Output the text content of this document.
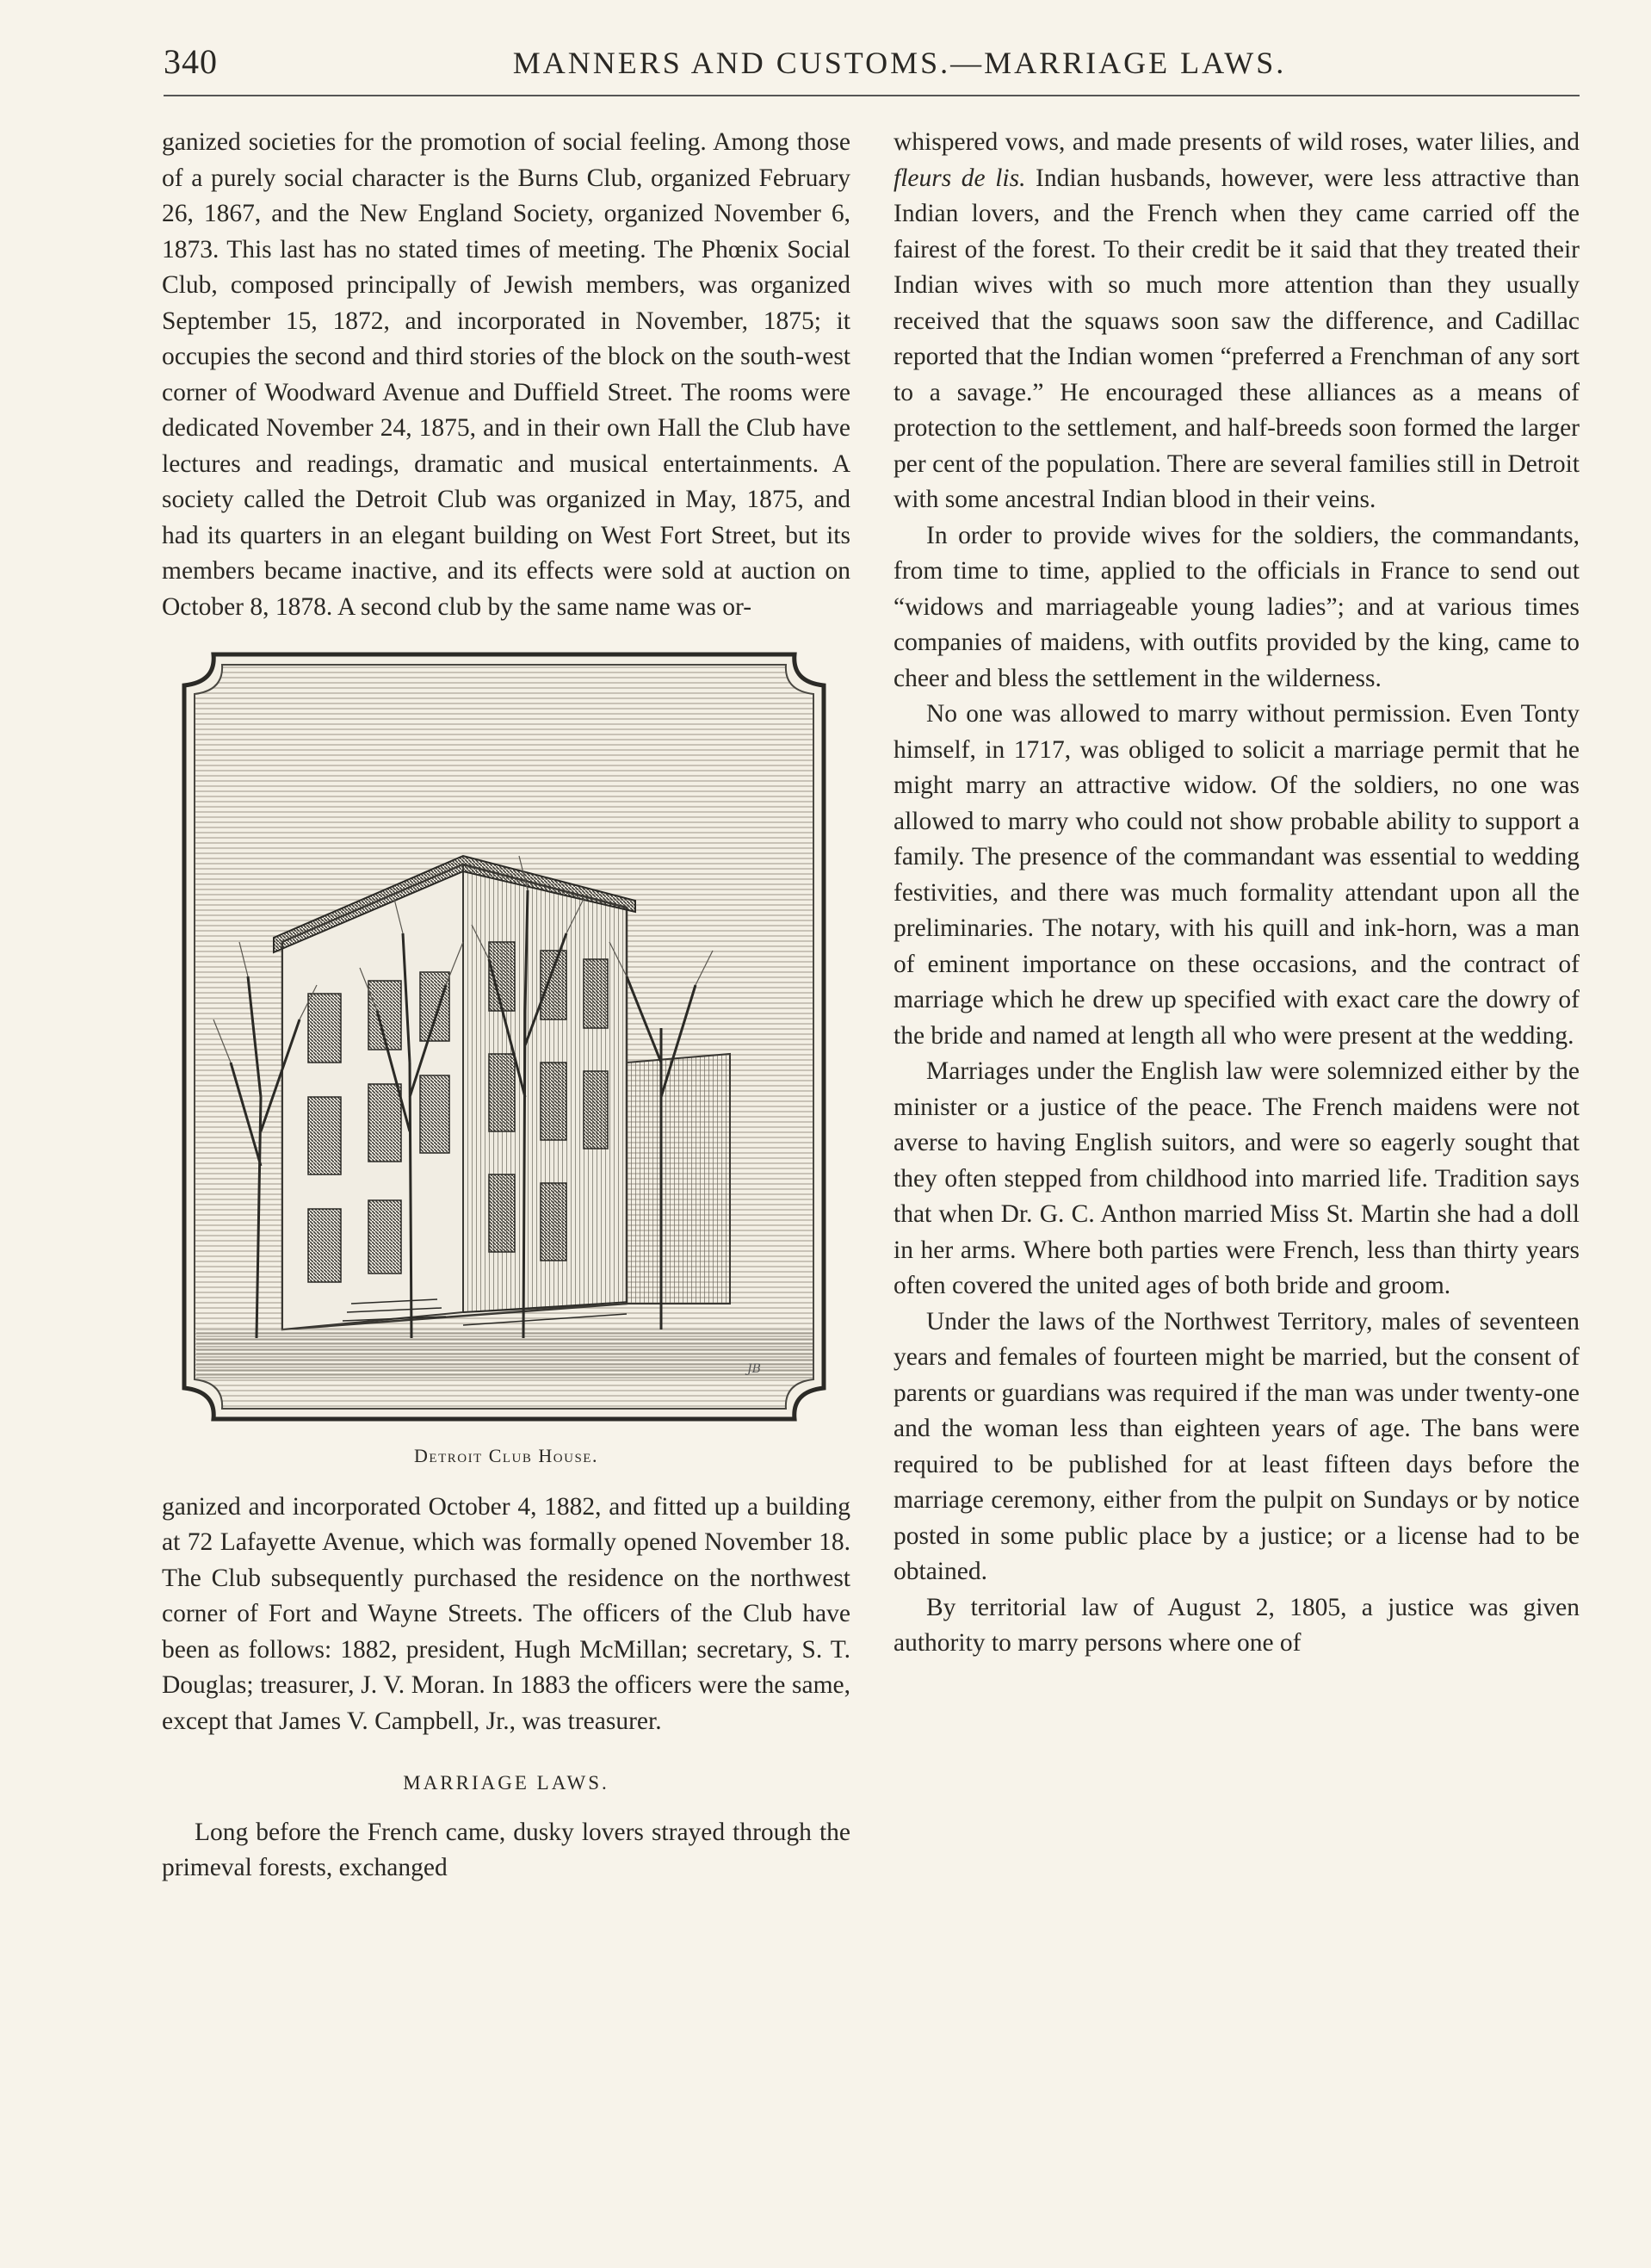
340	MANNERS AND CUSTOMS.—MARRIAGE LAWS.

ganized societies for the promotion of social feeling. Among those of a purely social character is the Burns Club, organized February 26, 1867, and the New England Society, organized November 6, 1873. This last has no stated times of meeting. The Phœnix Social Club, composed principally of Jewish members, was organized September 15, 1872, and incorporated in November, 1875; it occupies the second and third stories of the block on the south-west corner of Woodward Avenue and Duffield Street. The rooms were dedicated November 24, 1875, and in their own Hall the Club have lectures and readings, dramatic and musical entertainments. A society called the Detroit Club was organized in May, 1875, and had its quarters in an elegant building on West Fort Street, but its members became inactive, and its effects were sold at auction on October 8, 1878. A second club by the same name was or-

JB
Detroit Club House.

ganized and incorporated October 4, 1882, and fitted up a building at 72 Lafayette Avenue, which was formally opened November 18. The Club subsequently purchased the residence on the northwest corner of Fort and Wayne Streets. The officers of the Club have been as follows: 1882, president, Hugh McMillan; secretary, S. T. Douglas; treasurer, J. V. Moran. In 1883 the officers were the same, except that James V. Campbell, Jr., was treasurer.

MARRIAGE LAWS.

Long before the French came, dusky lovers strayed through the primeval forests, exchanged

whispered vows, and made presents of wild roses, water lilies, and fleurs de lis. Indian husbands, however, were less attractive than Indian lovers, and the French when they came carried off the fairest of the forest. To their credit be it said that they treated their Indian wives with so much more attention than they usually received that the squaws soon saw the difference, and Cadillac reported that the Indian women “preferred a Frenchman of any sort to a savage.” He encouraged these alliances as a means of protection to the settlement, and half-breeds soon formed the larger per cent of the population. There are several families still in Detroit with some ancestral Indian blood in their veins.

In order to provide wives for the soldiers, the commandants, from time to time, applied to the officials in France to send out “widows and marriageable young ladies”; and at various times companies of maidens, with outfits provided by the king, came to cheer and bless the settlement in the wilderness.

No one was allowed to marry without permission. Even Tonty himself, in 1717, was obliged to solicit a marriage permit that he might marry an attractive widow. Of the soldiers, no one was allowed to marry who could not show probable ability to support a family. The presence of the commandant was essential to wedding festivities, and there was much formality attendant upon all the preliminaries. The notary, with his quill and ink-horn, was a man of eminent importance on these occasions, and the contract of marriage which he drew up specified with exact care the dowry of the bride and named at length all who were present at the wedding.

Marriages under the English law were solemnized either by the minister or a justice of the peace. The French maidens were not averse to having English suitors, and were so eagerly sought that they often stepped from childhood into married life. Tradition says that when Dr. G. C. Anthon married Miss St. Martin she had a doll in her arms. Where both parties were French, less than thirty years often covered the united ages of both bride and groom.

Under the laws of the Northwest Territory, males of seventeen years and females of fourteen might be married, but the consent of parents or guardians was required if the man was under twenty-one and the woman less than eighteen years of age. The bans were required to be published for at least fifteen days before the marriage ceremony, either from the pulpit on Sundays or by notice posted in some public place by a justice; or a license had to be obtained.

By territorial law of August 2, 1805, a justice was given authority to marry persons where one of
